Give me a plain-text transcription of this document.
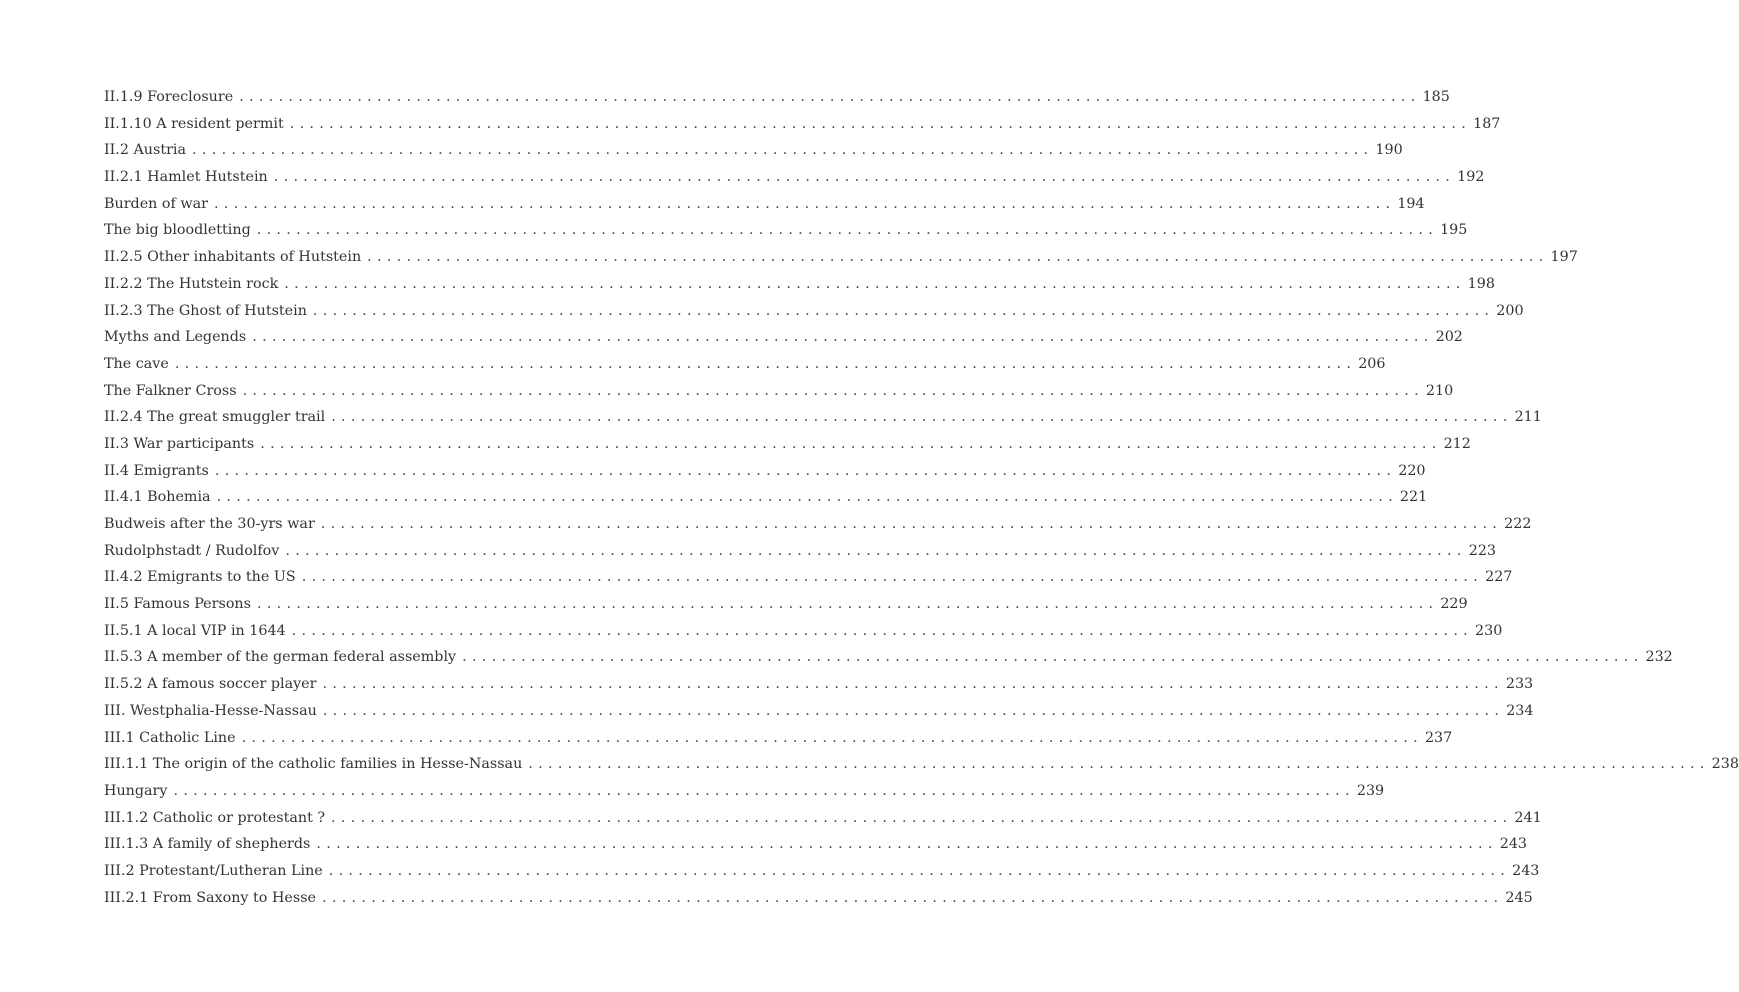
II.1.9 Foreclosure ........................................................................................................................ 185
II.1.10 A resident permit ........................................................................................................................ 187
II.2 Austria ........................................................................................................................ 190
II.2.1 Hamlet Hutstein ........................................................................................................................ 192
Burden of war ........................................................................................................................ 194
The big bloodletting ........................................................................................................................ 195
II.2.5 Other inhabitants of Hutstein ........................................................................................................................ 197
II.2.2 The Hutstein rock ........................................................................................................................ 198
II.2.3 The Ghost of Hutstein ........................................................................................................................ 200
Myths and Legends ........................................................................................................................ 202
The cave ........................................................................................................................ 206
The Falkner Cross ........................................................................................................................ 210
II.2.4 The great smuggler trail ........................................................................................................................ 211
II.3 War participants ........................................................................................................................ 212
II.4 Emigrants ........................................................................................................................ 220
II.4.1 Bohemia ........................................................................................................................ 221
Budweis after the 30-yrs war ........................................................................................................................ 222
Rudolphstadt / Rudolfov ........................................................................................................................ 223
II.4.2 Emigrants to the US ........................................................................................................................ 227
II.5 Famous Persons ........................................................................................................................ 229
II.5.1 A local VIP in 1644 ........................................................................................................................ 230
II.5.3 A member of the german federal assembly ........................................................................................................................ 232
II.5.2 A famous soccer player ........................................................................................................................ 233
III. Westphalia-Hesse-Nassau ........................................................................................................................ 234
III.1 Catholic Line ........................................................................................................................ 237
III.1.1 The origin of the catholic families in Hesse-Nassau ........................................................................................................................ 238
Hungary ........................................................................................................................ 239
III.1.2 Catholic or protestant ? ........................................................................................................................ 241
III.1.3 A family of shepherds ........................................................................................................................ 243
III.2 Protestant/Lutheran Line ........................................................................................................................ 243
III.2.1 From Saxony to Hesse ........................................................................................................................ 245
